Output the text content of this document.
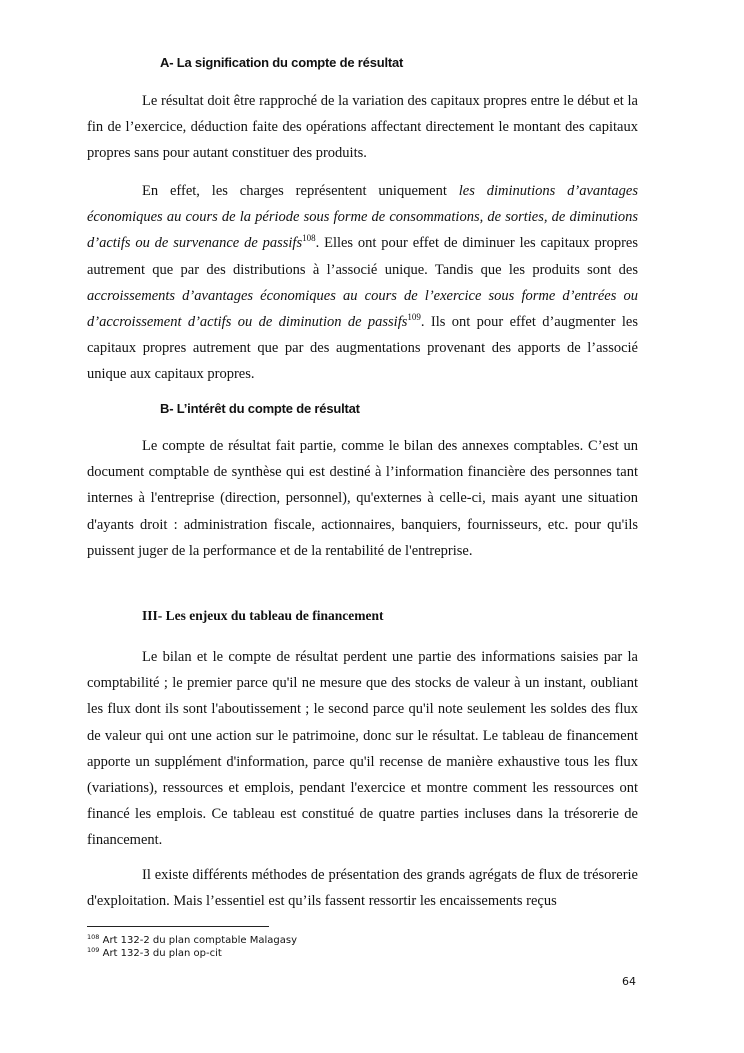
A- La signification du compte de résultat

Le résultat doit être rapproché de la variation des capitaux propres entre le début et la fin de l’exercice, déduction faite des opérations affectant directement le montant des capitaux propres sans pour autant constituer des produits.

En effet, les charges représentent uniquement les diminutions d’avantages économiques au cours de la période sous forme de consommations, de sorties, de diminutions d’actifs ou de survenance de passifs$^{108}$. Elles ont pour effet de diminuer les capitaux propres autrement que par des distributions à l’associé unique. Tandis que les produits sont des accroissements d’avantages économiques au cours de l’exercice sous forme d’entrées ou d’accroissement d’actifs ou de diminution de passifs$^{109}$. Ils ont pour effet d’augmenter les capitaux propres autrement que par des augmentations provenant des apports de l’associé unique aux capitaux propres.

B- L’intérêt du compte de résultat

Le compte de résultat fait partie, comme le bilan des annexes comptables. C’est un document comptable de synthèse qui est destiné à l’information financière des personnes tant internes à l'entreprise (direction, personnel), qu'externes à celle-ci, mais ayant une situation d'ayants droit : administration fiscale, actionnaires, banquiers, fournisseurs, etc. pour qu'ils puissent juger de la performance et de la rentabilité de l'entreprise.

III- Les enjeux du tableau de financement

Le bilan et le compte de résultat perdent une partie des informations saisies par la comptabilité ; le premier parce qu'il ne mesure que des stocks de valeur à un instant, oubliant les flux dont ils sont l'aboutissement ; le second parce qu'il note seulement les soldes des flux de valeur qui ont une action sur le patrimoine, donc sur le résultat. Le tableau de financement apporte un supplément d'information, parce qu'il recense de manière exhaustive tous les flux (variations), ressources et emplois, pendant l'exercice et montre comment les ressources ont financé les emplois. Ce tableau est constitué de quatre parties incluses dans la trésorerie de financement.

Il existe différents méthodes de présentation des grands agrégats de flux de trésorerie d'exploitation. Mais l’essentiel est qu’ils fassent ressortir les encaissements reçus

$^{108}$ Art 132-2 du plan comptable Malagasy

$^{109}$ Art 132-3 du plan op-cit

64
